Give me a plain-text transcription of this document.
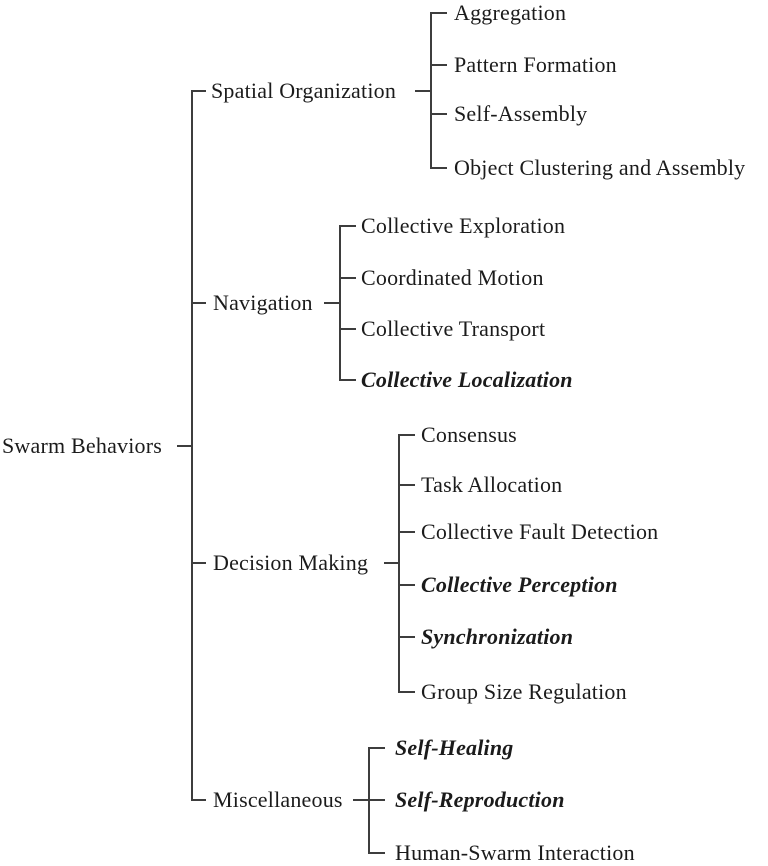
Swarm Behaviors
Spatial Organization
Navigation
Decision Making
Miscellaneous
Aggregation
Pattern Formation
Self-Assembly
Object Clustering and Assembly
Collective Exploration
Coordinated Motion
Collective Transport
Collective Localization
Consensus
Task Allocation
Collective Fault Detection
Collective Perception
Synchronization
Group Size Regulation
Self-Healing
Self-Reproduction
Human-Swarm Interaction
